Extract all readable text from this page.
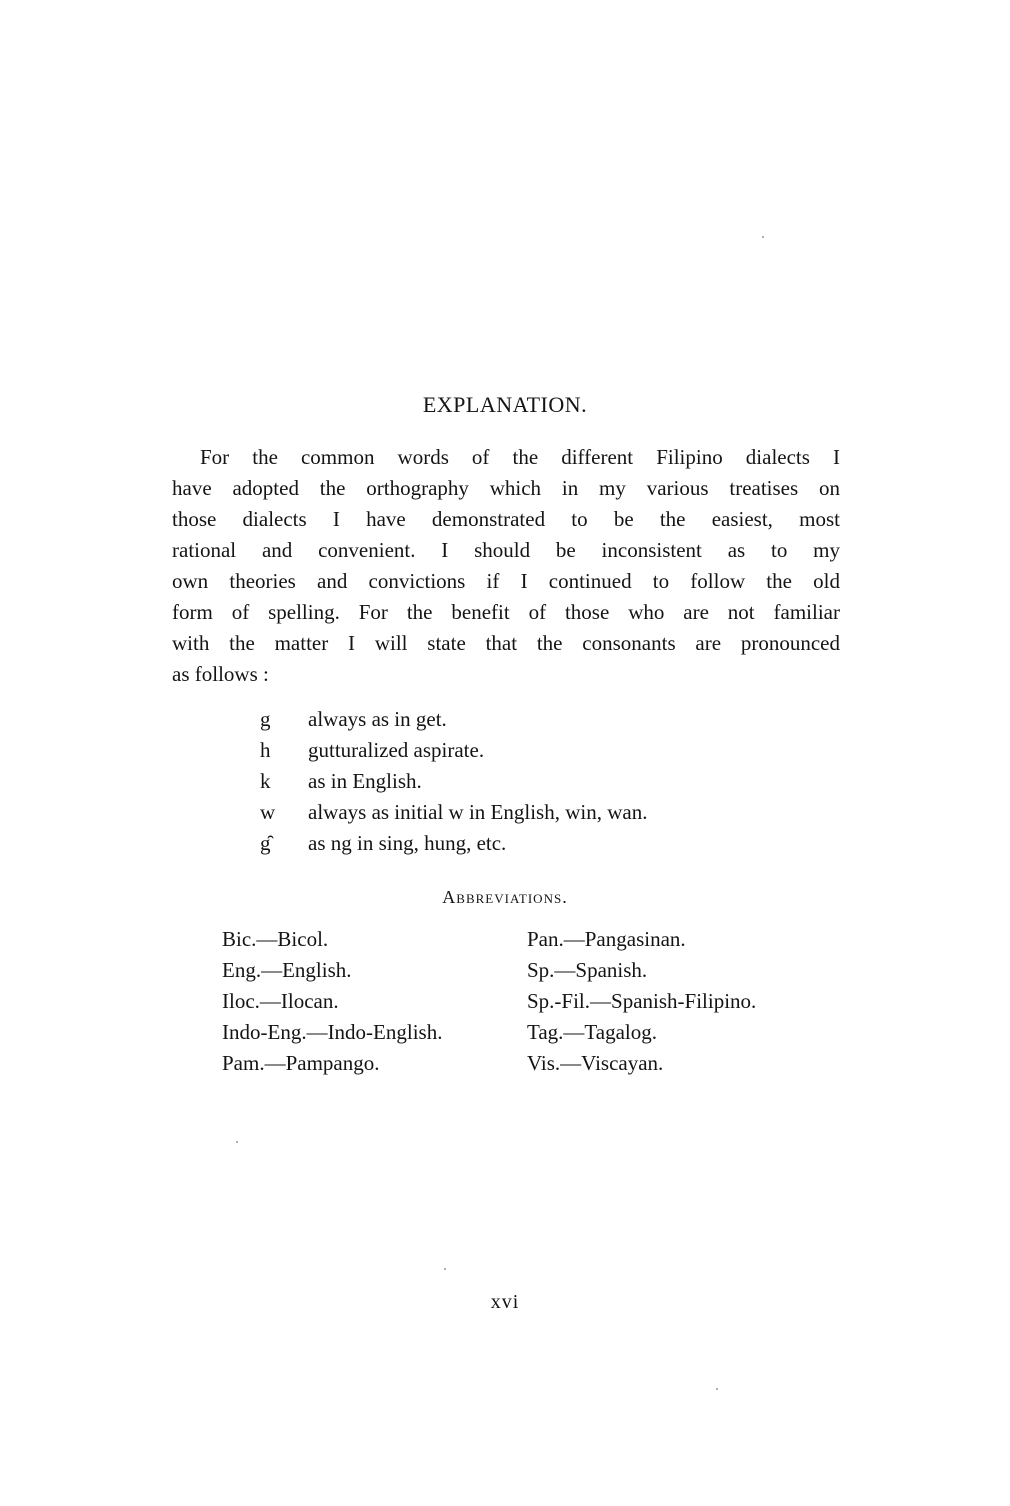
EXPLANATION.
For the common words of the different Filipino dialects I
have adopted the orthography which in my various treatises on
those dialects I have demonstrated to be the easiest, most
rational and convenient. I should be inconsistent as to my
own theories and convictions if I continued to follow the old
form of spelling. For the benefit of those who are not familiar
with the matter I will state that the consonants are pronounced
as follows :
g	always as in get.
h	gutturalized aspirate.
k	as in English.
w	always as initial w in English, win, wan.
g̑	as ng in sing, hung, etc.
Abbreviations.
Bic.—Bicol.	Pan.—Pangasinan.
Eng.—English.	Sp.—Spanish.
Iloc.—Ilocan.	Sp.-Fil.—Spanish-Filipino.
Indo-Eng.—Indo-English.	Tag.—Tagalog.
Pam.—Pampango.	Vis.—Viscayan.
xvi
